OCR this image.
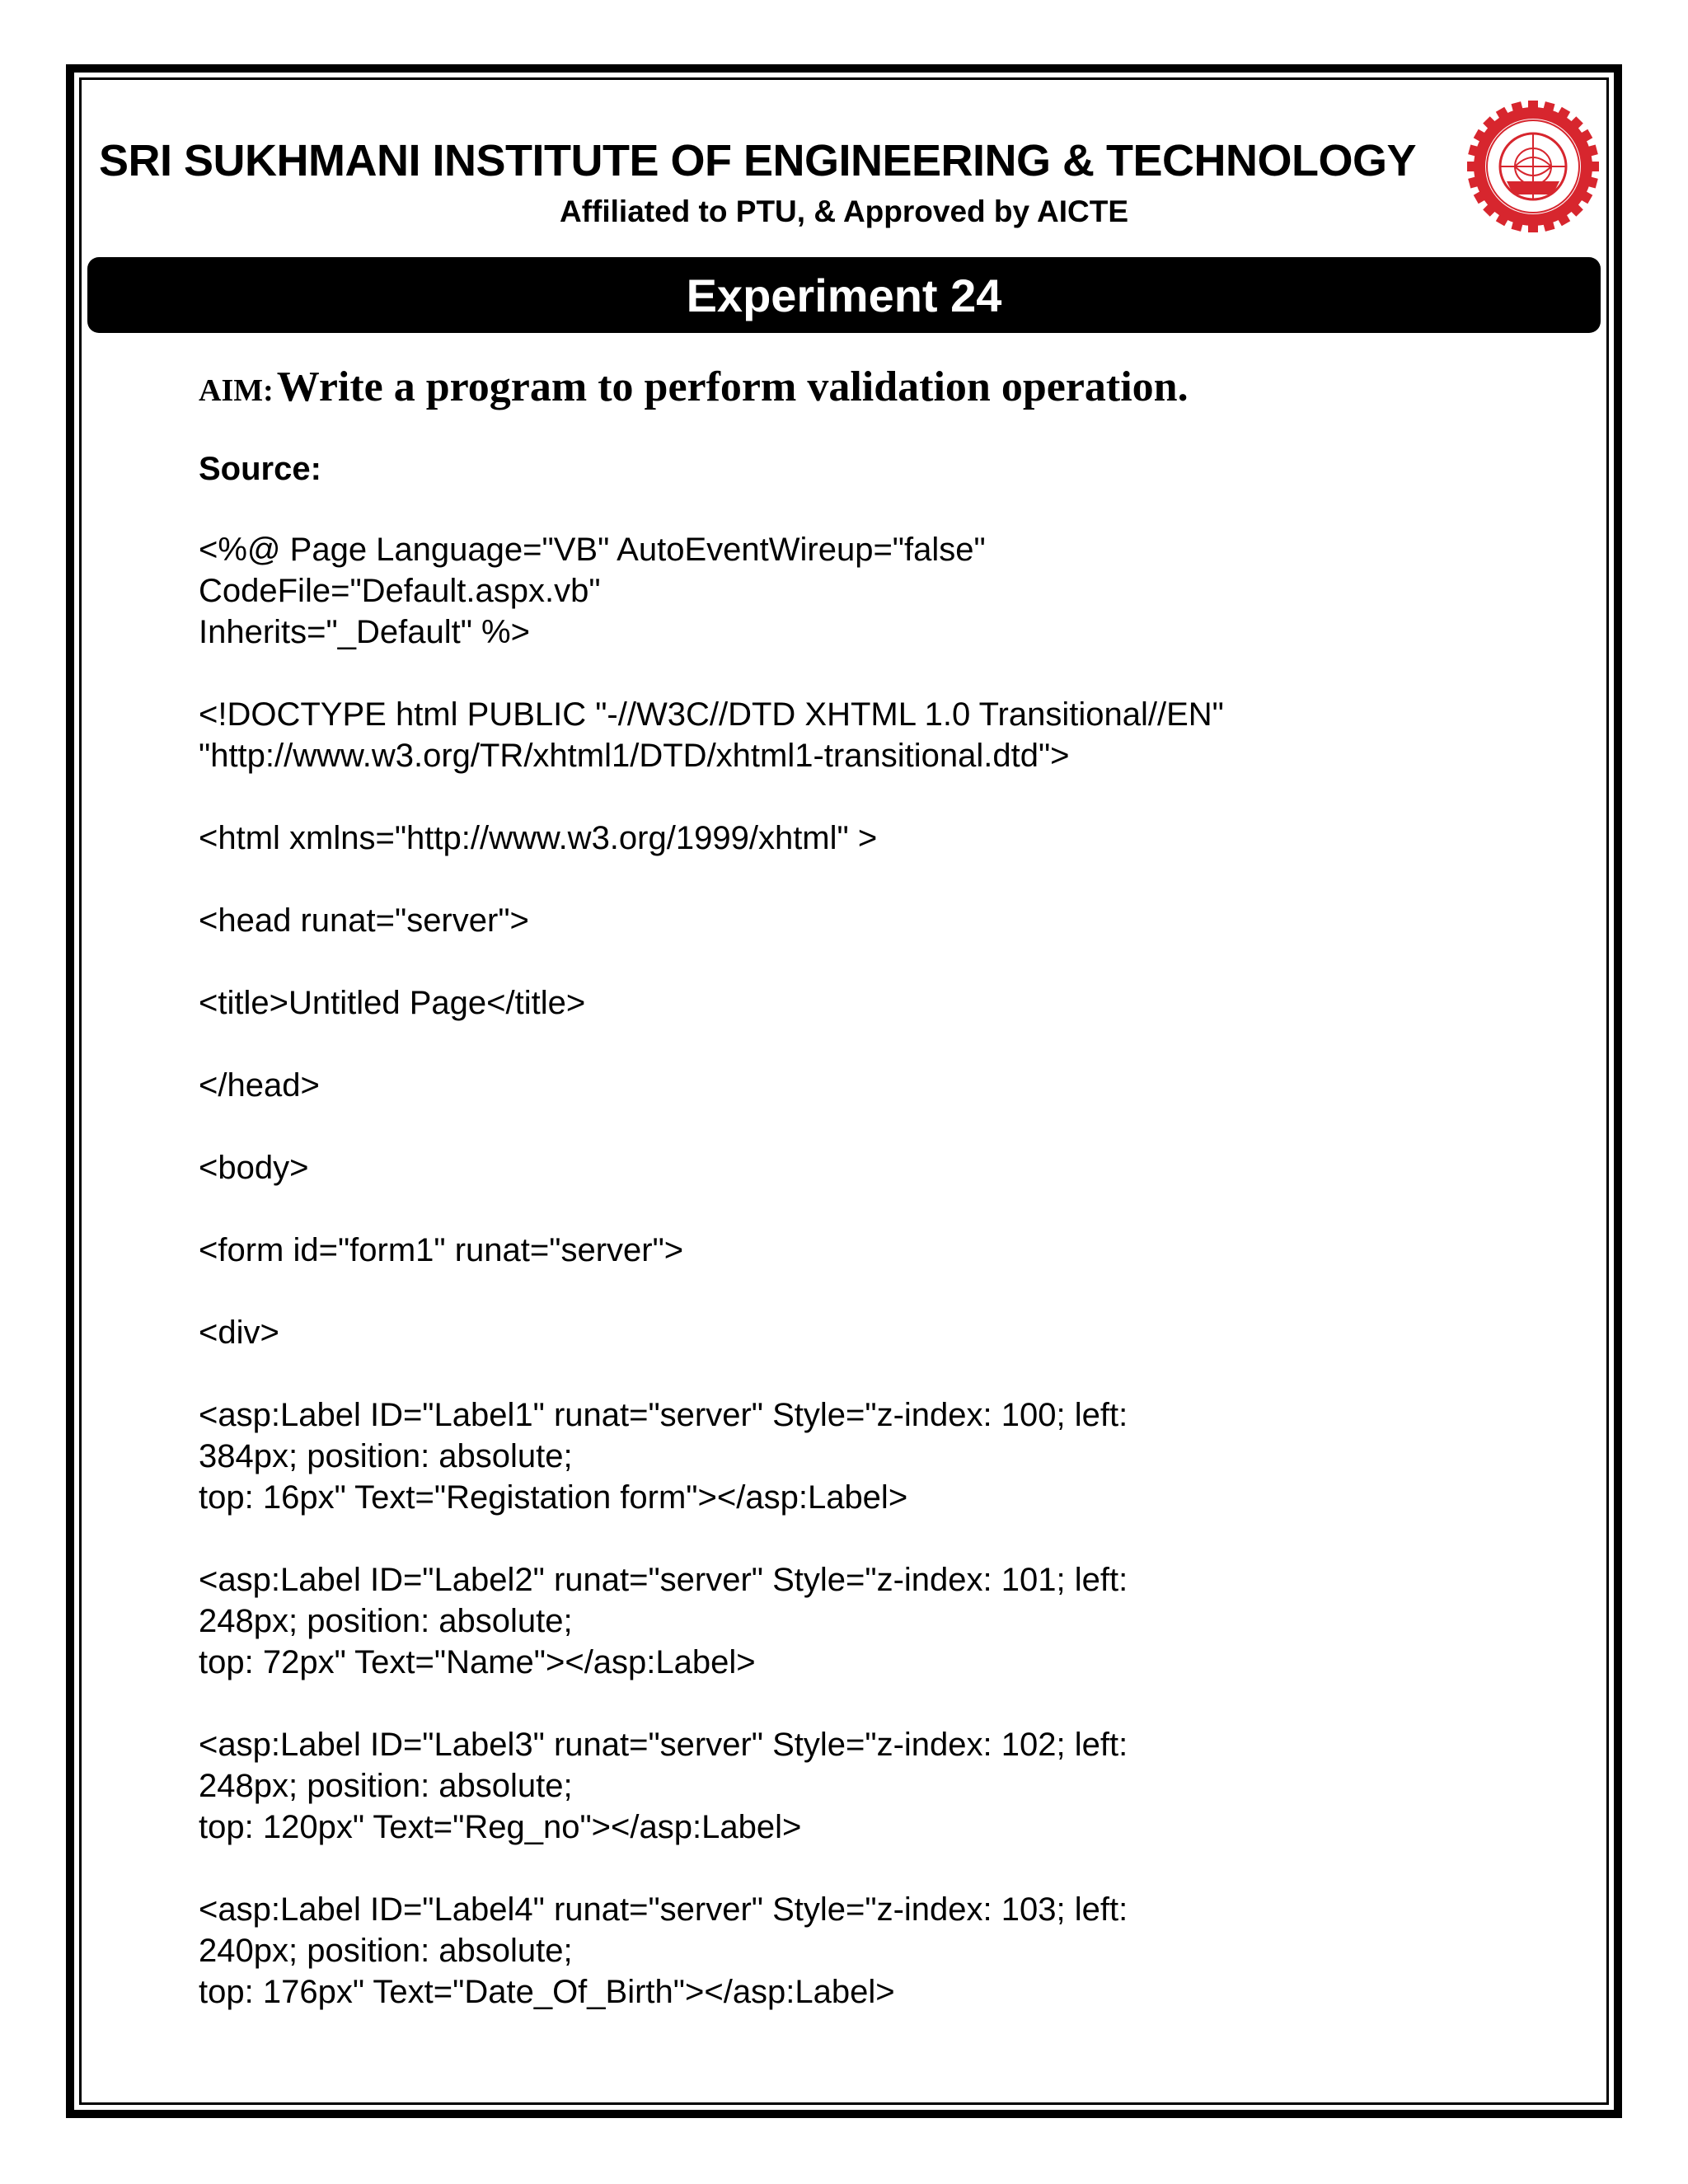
SRI SUKHMANI INSTITUTE OF ENGINEERING & TECHNOLOGY
Affiliated to PTU, & Approved by AICTE
Experiment 24
AIM: Write a program to perform validation operation.
Source:
<%@ Page Language="VB" AutoEventWireup="false"
CodeFile="Default.aspx.vb"
Inherits="_Default" %>
<!DOCTYPE html PUBLIC "-//W3C//DTD XHTML 1.0 Transitional//EN"
"http://www.w3.org/TR/xhtml1/DTD/xhtml1-transitional.dtd">
<html xmlns="http://www.w3.org/1999/xhtml" >
<head runat="server">
<title>Untitled Page</title>
</head>
<body>
<form id="form1" runat="server">
<div>
<asp:Label ID="Label1" runat="server" Style="z-index: 100; left:
384px; position: absolute;
top: 16px" Text="Registation form"></asp:Label>
<asp:Label ID="Label2" runat="server" Style="z-index: 101; left:
248px; position: absolute;
top: 72px" Text="Name"></asp:Label>
<asp:Label ID="Label3" runat="server" Style="z-index: 102; left:
248px; position: absolute;
top: 120px" Text="Reg_no"></asp:Label>
<asp:Label ID="Label4" runat="server" Style="z-index: 103; left:
240px; position: absolute;
top: 176px" Text="Date_Of_Birth"></asp:Label>
